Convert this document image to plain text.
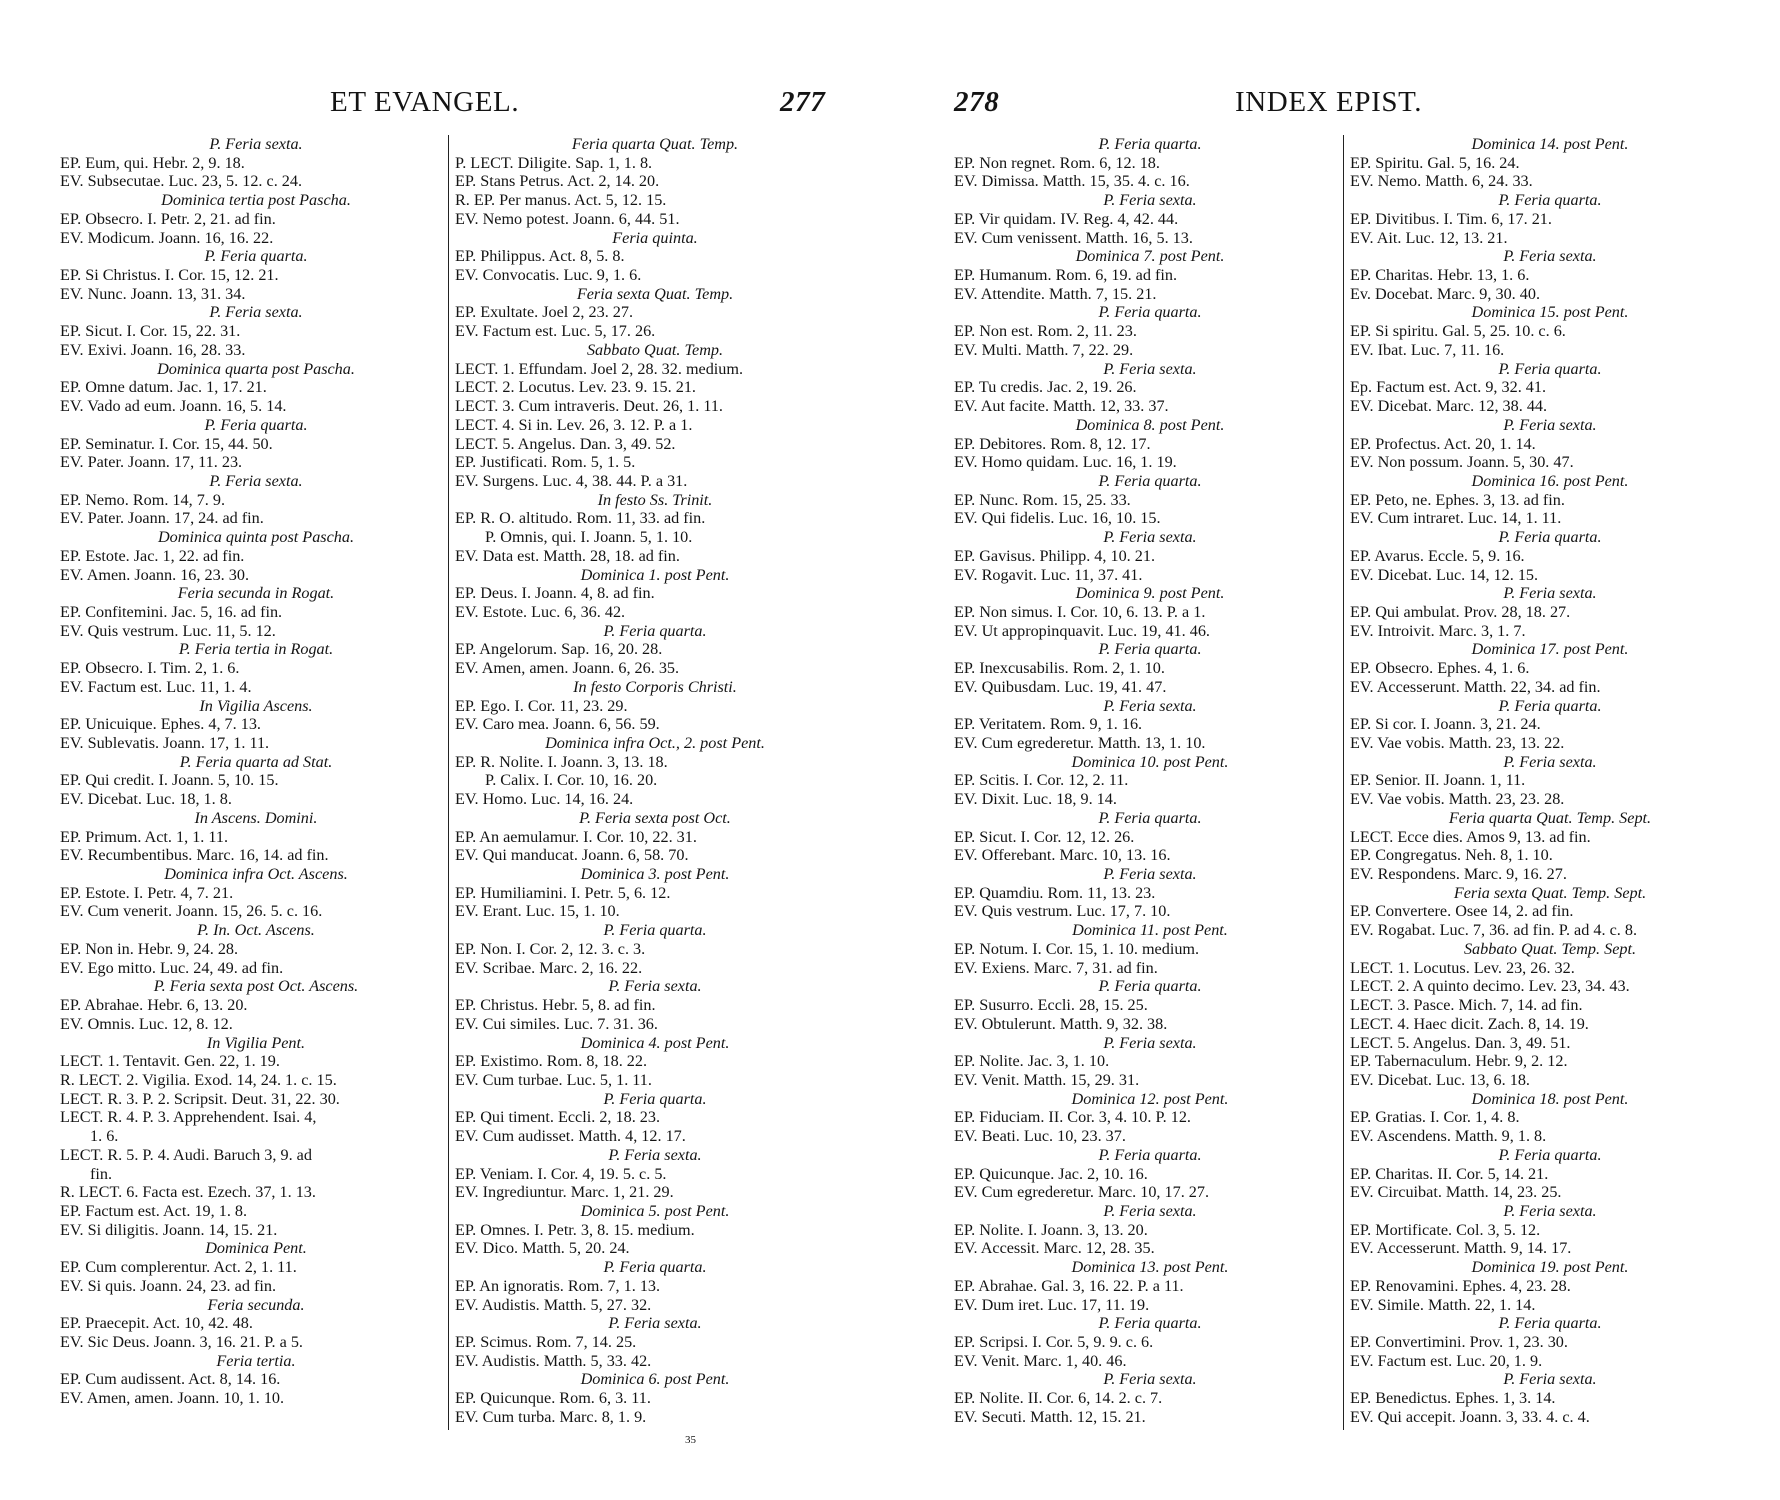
ET EVANGEL.	277
P. Feria sexta.
EP. Eum, qui. Hebr. 2, 9. 18.
EV. Subsecutae. Luc. 23, 5. 12. c. 24.
Dominica tertia post Pascha.
EP. Obsecro. I. Petr. 2, 21. ad fin.
EV. Modicum. Joann. 16, 16. 22.
P. Feria quarta.
EP. Si Christus. I. Cor. 15, 12. 21.
EV. Nunc. Joann. 13, 31. 34.
P. Feria sexta.
EP. Sicut. I. Cor. 15, 22. 31.
EV. Exivi. Joann. 16, 28. 33.
Dominica quarta post Pascha.
EP. Omne datum. Jac. 1, 17. 21.
EV. Vado ad eum. Joann. 16, 5. 14.
P. Feria quarta.
EP. Seminatur. I. Cor. 15, 44. 50.
EV. Pater. Joann. 17, 11. 23.
P. Feria sexta.
EP. Nemo. Rom. 14, 7. 9.
EV. Pater. Joann. 17, 24. ad fin.
Dominica quinta post Pascha.
EP. Estote. Jac. 1, 22. ad fin.
EV. Amen. Joann. 16, 23. 30.
Feria secunda in Rogat.
EP. Confitemini. Jac. 5, 16. ad fin.
EV. Quis vestrum. Luc. 11, 5. 12.
P. Feria tertia in Rogat.
EP. Obsecro. I. Tim. 2, 1. 6.
EV. Factum est. Luc. 11, 1. 4.
In Vigilia Ascens.
EP. Unicuique. Ephes. 4, 7. 13.
EV. Sublevatis. Joann. 17, 1. 11.
P. Feria quarta ad Stat.
EP. Qui credit. I. Joann. 5, 10. 15.
EV. Dicebat. Luc. 18, 1. 8.
In Ascens. Domini.
EP. Primum. Act. 1, 1. 11.
EV. Recumbentibus. Marc. 16, 14. ad fin.
Dominica infra Oct. Ascens.
EP. Estote. I. Petr. 4, 7. 21.
EV. Cum venerit. Joann. 15, 26. 5. c. 16.
P. In. Oct. Ascens.
EP. Non in. Hebr. 9, 24. 28.
EV. Ego mitto. Luc. 24, 49. ad fin.
P. Feria sexta post Oct. Ascens.
EP. Abrahae. Hebr. 6, 13. 20.
EV. Omnis. Luc. 12, 8. 12.
In Vigilia Pent.
LECT. 1. Tentavit. Gen. 22, 1. 19.
R. LECT. 2. Vigilia. Exod. 14, 24. 1. c. 15.
LECT. R. 3. P. 2. Scripsit. Deut. 31, 22. 30.
LECT. R. 4. P. 3. Apprehendent. Isai. 4,
1. 6.
LECT. R. 5. P. 4. Audi. Baruch 3, 9. ad
fin.
R. LECT. 6. Facta est. Ezech. 37, 1. 13.
EP. Factum est. Act. 19, 1. 8.
EV. Si diligitis. Joann. 14, 15. 21.
Dominica Pent.
EP. Cum complerentur. Act. 2, 1. 11.
EV. Si quis. Joann. 24, 23. ad fin.
Feria secunda.
EP. Praecepit. Act. 10, 42. 48.
EV. Sic Deus. Joann. 3, 16. 21. P. a 5.
Feria tertia.
EP. Cum audissent. Act. 8, 14. 16.
EV. Amen, amen. Joann. 10, 1. 10.
Feria quarta Quat. Temp.
P. LECT. Diligite. Sap. 1, 1. 8.
EP. Stans Petrus. Act. 2, 14. 20.
R. EP. Per manus. Act. 5, 12. 15.
EV. Nemo potest. Joann. 6, 44. 51.
Feria quinta.
EP. Philippus. Act. 8, 5. 8.
EV. Convocatis. Luc. 9, 1. 6.
Feria sexta Quat. Temp.
EP. Exultate. Joel 2, 23. 27.
EV. Factum est. Luc. 5, 17. 26.
Sabbato Quat. Temp.
LECT. 1. Effundam. Joel 2, 28. 32. medium.
LECT. 2. Locutus. Lev. 23. 9. 15. 21.
LECT. 3. Cum intraveris. Deut. 26, 1. 11.
LECT. 4. Si in. Lev. 26, 3. 12. P. a 1.
LECT. 5. Angelus. Dan. 3, 49. 52.
EP. Justificati. Rom. 5, 1. 5.
EV. Surgens. Luc. 4, 38. 44. P. a 31.
In festo Ss. Trinit.
EP. R. O. altitudo. Rom. 11, 33. ad fin.
P. Omnis, qui. I. Joann. 5, 1. 10.
EV. Data est. Matth. 28, 18. ad fin.
Dominica 1. post Pent.
EP. Deus. I. Joann. 4, 8. ad fin.
EV. Estote. Luc. 6, 36. 42.
P. Feria quarta.
EP. Angelorum. Sap. 16, 20. 28.
EV. Amen, amen. Joann. 6, 26. 35.
In festo Corporis Christi.
EP. Ego. I. Cor. 11, 23. 29.
EV. Caro mea. Joann. 6, 56. 59.
Dominica infra Oct., 2. post Pent.
EP. R. Nolite. I. Joann. 3, 13. 18.
P. Calix. I. Cor. 10, 16. 20.
EV. Homo. Luc. 14, 16. 24.
P. Feria sexta post Oct.
EP. An aemulamur. I. Cor. 10, 22. 31.
EV. Qui manducat. Joann. 6, 58. 70.
Dominica 3. post Pent.
EP. Humiliamini. I. Petr. 5, 6. 12.
EV. Erant. Luc. 15, 1. 10.
P. Feria quarta.
EP. Non. I. Cor. 2, 12. 3. c. 3.
EV. Scribae. Marc. 2, 16. 22.
P. Feria sexta.
EP. Christus. Hebr. 5, 8. ad fin.
EV. Cui similes. Luc. 7. 31. 36.
Dominica 4. post Pent.
EP. Existimo. Rom. 8, 18. 22.
EV. Cum turbae. Luc. 5, 1. 11.
P. Feria quarta.
EP. Qui timent. Eccli. 2, 18. 23.
EV. Cum audisset. Matth. 4, 12. 17.
P. Feria sexta.
EP. Veniam. I. Cor. 4, 19. 5. c. 5.
EV. Ingrediuntur. Marc. 1, 21. 29.
Dominica 5. post Pent.
EP. Omnes. I. Petr. 3, 8. 15. medium.
EV. Dico. Matth. 5, 20. 24.
P. Feria quarta.
EP. An ignoratis. Rom. 7, 1. 13.
EV. Audistis. Matth. 5, 27. 32.
P. Feria sexta.
EP. Scimus. Rom. 7, 14. 25.
EV. Audistis. Matth. 5, 33. 42.
Dominica 6. post Pent.
EP. Quicunque. Rom. 6, 3. 11.
EV. Cum turba. Marc. 8, 1. 9.
35
278	INDEX EPIST.
P. Feria quarta.
EP. Non regnet. Rom. 6, 12. 18.
EV. Dimissa. Matth. 15, 35. 4. c. 16.
P. Feria sexta.
EP. Vir quidam. IV. Reg. 4, 42. 44.
EV. Cum venissent. Matth. 16, 5. 13.
Dominica 7. post Pent.
EP. Humanum. Rom. 6, 19. ad fin.
EV. Attendite. Matth. 7, 15. 21.
P. Feria quarta.
EP. Non est. Rom. 2, 11. 23.
EV. Multi. Matth. 7, 22. 29.
P. Feria sexta.
EP. Tu credis. Jac. 2, 19. 26.
EV. Aut facite. Matth. 12, 33. 37.
Dominica 8. post Pent.
EP. Debitores. Rom. 8, 12. 17.
EV. Homo quidam. Luc. 16, 1. 19.
P. Feria quarta.
EP. Nunc. Rom. 15, 25. 33.
EV. Qui fidelis. Luc. 16, 10. 15.
P. Feria sexta.
EP. Gavisus. Philipp. 4, 10. 21.
EV. Rogavit. Luc. 11, 37. 41.
Dominica 9. post Pent.
EP. Non simus. I. Cor. 10, 6. 13. P. a 1.
EV. Ut appropinquavit. Luc. 19, 41. 46.
P. Feria quarta.
EP. Inexcusabilis. Rom. 2, 1. 10.
EV. Quibusdam. Luc. 19, 41. 47.
P. Feria sexta.
EP. Veritatem. Rom. 9, 1. 16.
EV. Cum egrederetur. Matth. 13, 1. 10.
Dominica 10. post Pent.
EP. Scitis. I. Cor. 12, 2. 11.
EV. Dixit. Luc. 18, 9. 14.
P. Feria quarta.
EP. Sicut. I. Cor. 12, 12. 26.
EV. Offerebant. Marc. 10, 13. 16.
P. Feria sexta.
EP. Quamdiu. Rom. 11, 13. 23.
EV. Quis vestrum. Luc. 17, 7. 10.
Dominica 11. post Pent.
EP. Notum. I. Cor. 15, 1. 10. medium.
EV. Exiens. Marc. 7, 31. ad fin.
P. Feria quarta.
EP. Susurro. Eccli. 28, 15. 25.
EV. Obtulerunt. Matth. 9, 32. 38.
P. Feria sexta.
EP. Nolite. Jac. 3, 1. 10.
EV. Venit. Matth. 15, 29. 31.
Dominica 12. post Pent.
EP. Fiduciam. II. Cor. 3, 4. 10. P. 12.
EV. Beati. Luc. 10, 23. 37.
P. Feria quarta.
EP. Quicunque. Jac. 2, 10. 16.
EV. Cum egrederetur. Marc. 10, 17. 27.
P. Feria sexta.
EP. Nolite. I. Joann. 3, 13. 20.
EV. Accessit. Marc. 12, 28. 35.
Dominica 13. post Pent.
EP. Abrahae. Gal. 3, 16. 22. P. a 11.
EV. Dum iret. Luc. 17, 11. 19.
P. Feria quarta.
EP. Scripsi. I. Cor. 5, 9. 9. c. 6.
EV. Venit. Marc. 1, 40. 46.
P. Feria sexta.
EP. Nolite. II. Cor. 6, 14. 2. c. 7.
EV. Secuti. Matth. 12, 15. 21.
Dominica 14. post Pent.
EP. Spiritu. Gal. 5, 16. 24.
EV. Nemo. Matth. 6, 24. 33.
P. Feria quarta.
EP. Divitibus. I. Tim. 6, 17. 21.
EV. Ait. Luc. 12, 13. 21.
P. Feria sexta.
EP. Charitas. Hebr. 13, 1. 6.
Ev. Docebat. Marc. 9, 30. 40.
Dominica 15. post Pent.
EP. Si spiritu. Gal. 5, 25. 10. c. 6.
EV. Ibat. Luc. 7, 11. 16.
P. Feria quarta.
Ep. Factum est. Act. 9, 32. 41.
EV. Dicebat. Marc. 12, 38. 44.
P. Feria sexta.
EP. Profectus. Act. 20, 1. 14.
EV. Non possum. Joann. 5, 30. 47.
Dominica 16. post Pent.
EP. Peto, ne. Ephes. 3, 13. ad fin.
EV. Cum intraret. Luc. 14, 1. 11.
P. Feria quarta.
EP. Avarus. Eccle. 5, 9. 16.
EV. Dicebat. Luc. 14, 12. 15.
P. Feria sexta.
EP. Qui ambulat. Prov. 28, 18. 27.
EV. Introivit. Marc. 3, 1. 7.
Dominica 17. post Pent.
EP. Obsecro. Ephes. 4, 1. 6.
EV. Accesserunt. Matth. 22, 34. ad fin.
P. Feria quarta.
EP. Si cor. I. Joann. 3, 21. 24.
EV. Vae vobis. Matth. 23, 13. 22.
P. Feria sexta.
EP. Senior. II. Joann. 1, 11.
EV. Vae vobis. Matth. 23, 23. 28.
Feria quarta Quat. Temp. Sept.
LECT. Ecce dies. Amos 9, 13. ad fin.
EP. Congregatus. Neh. 8, 1. 10.
EV. Respondens. Marc. 9, 16. 27.
Feria sexta Quat. Temp. Sept.
EP. Convertere. Osee 14, 2. ad fin.
EV. Rogabat. Luc. 7, 36. ad fin. P. ad 4. c. 8.
Sabbato Quat. Temp. Sept.
LECT. 1. Locutus. Lev. 23, 26. 32.
LECT. 2. A quinto decimo. Lev. 23, 34. 43.
LECT. 3. Pasce. Mich. 7, 14. ad fin.
LECT. 4. Haec dicit. Zach. 8, 14. 19.
LECT. 5. Angelus. Dan. 3, 49. 51.
EP. Tabernaculum. Hebr. 9, 2. 12.
EV. Dicebat. Luc. 13, 6. 18.
Dominica 18. post Pent.
EP. Gratias. I. Cor. 1, 4. 8.
EV. Ascendens. Matth. 9, 1. 8.
P. Feria quarta.
EP. Charitas. II. Cor. 5, 14. 21.
EV. Circuibat. Matth. 14, 23. 25.
P. Feria sexta.
EP. Mortificate. Col. 3, 5. 12.
EV. Accesserunt. Matth. 9, 14. 17.
Dominica 19. post Pent.
EP. Renovamini. Ephes. 4, 23. 28.
EV. Simile. Matth. 22, 1. 14.
P. Feria quarta.
EP. Convertimini. Prov. 1, 23. 30.
EV. Factum est. Luc. 20, 1. 9.
P. Feria sexta.
EP. Benedictus. Ephes. 1, 3. 14.
EV. Qui accepit. Joann. 3, 33. 4. c. 4.
